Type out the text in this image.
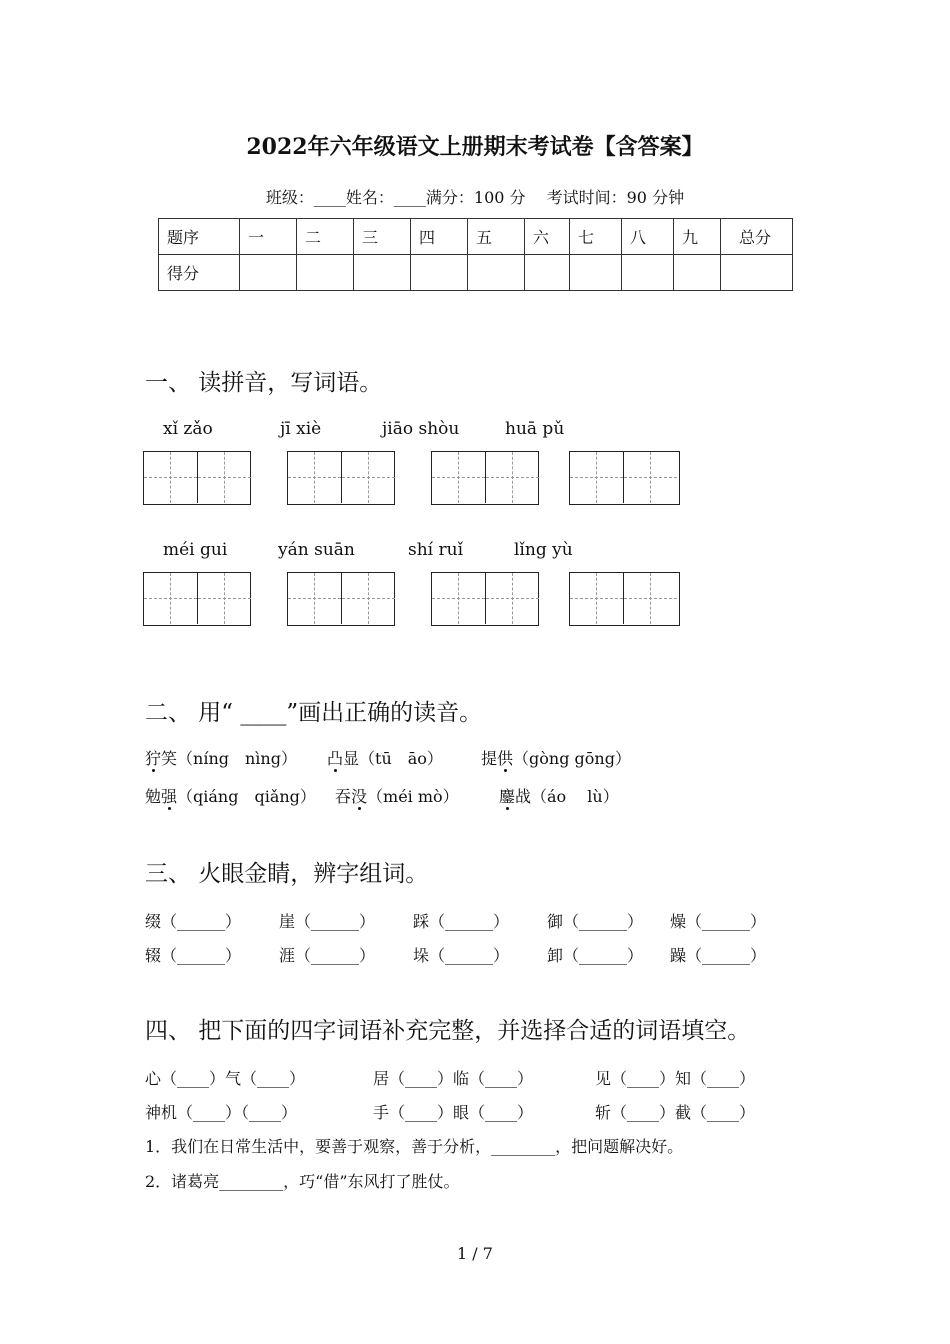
2022年六年级语文上册期末考试卷【含答案】
班级：____姓名：____满分：100 分 　考试时间：90 分钟
题序	一	二	三	四	五	六	七	八	九	总分
得分										
一、 读拼音，写词语。
xǐ zǎo	jī xiè	jiāo shòu	huā pǔ
méi gui	yán suān	shí ruǐ	lǐng yù
二、 用“ ____”画出正确的读音。
狞笑（níng　nìng） 凸显（tū　āo） 提供（gòng gōng）
勉强（qiáng　qiǎng） 吞没（méi mò）	鏖战（áo　 lù）
三、 火眼金睛，辨字组词。
缀（______） 崖（______） 踩（______） 御（______） 燥（______）
辍（______） 涯（______） 垛（______） 卸（______） 躁（______）
四、 把下面的四字词语补充完整，并选择合适的词语填空。
心（____）气（____）	居（____）临（____）	见（____）知（____）
神机（____）（____）	手（____）眼（____）	斩（____）截（____）
1．我们在日常生活中，要善于观察，善于分析，________，把问题解决好。
2．诸葛亮________，巧“借”东风打了胜仗。
1 / 7
